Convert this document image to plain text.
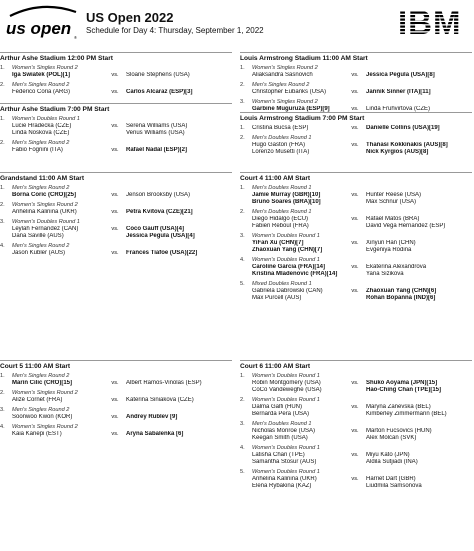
us open ®
US Open 2022
Schedule for Day 4: Thursday, September 1, 2022	IBM
Arthur Ashe Stadium 12:00 PM Start
1. Women's Singles Round 2
Iga Swiatek (POL)[1]	vs.	Sloane Stephens (USA)
2. Men's Singles Round 2
Federico Coria (ARG)	vs.	Carlos Alcaraz (ESP)[3]
Arthur Ashe Stadium 7:00 PM Start
1. Women's Doubles Round 1
Lucie Hradecka (CZE)	vs.	Serena Williams (USA)
Linda Noskova (CZE)	Venus Williams (USA)
2. Men's Singles Round 2
Fabio Fognini (ITA)	vs.	Rafael Nadal (ESP)[2]
Grandstand 11:00 AM Start
1. Men's Singles Round 2
Borna Coric (CRO)[25]	vs.	Jenson Brooksby (USA)
2. Women's Singles Round 2
Anhelina Kalinina (UKR)	vs.	Petra Kvitova (CZE)[21]
3. Women's Doubles Round 1
Leylah Fernandez (CAN)	vs.	Coco Gauff (USA)[4]
Dana Saville (AUS)	Jessica Pegula (USA)[4]
4. Men's Singles Round 2
Jason Kubler (AUS)	vs.	Frances Tiafoe (USA)[22]
Court 5 11:00 AM Start
1. Men's Singles Round 2
Marin Cilic (CRO)[15]	vs.	Albert Ramos-Vinolas (ESP)
2. Women's Singles Round 2
Alizé Cornet (FRA)	vs.	Katerina Siniakova (CZE)
3. Men's Singles Round 2
Soonwoo Kwon (KOR)	vs.	Andrey Rublev [9]
4. Women's Singles Round 2
Kaia Kanepi (EST)	vs.	Aryna Sabalenka [6]
Louis Armstrong Stadium 11:00 AM Start
1. Women's Singles Round 2
Aliaksandra Sasnovich	vs.	Jessica Pegula (USA)[8]
2. Men's Singles Round 2
Christopher Eubanks (USA)	vs.	Jannik Sinner (ITA)[11]
3. Women's Singles Round 2
Garbine Muguruza (ESP)[9]	vs.	Linda Fruhvirtova (CZE)
Louis Armstrong Stadium 7:00 PM Start
1.	Cristina Bucsa (ESP)	vs.	Danielle Collins (USA)[19]
2. Men's Doubles Round 1
Hugo Gaston (FRA)	vs.	Thanasi Kokkinakis (AUS)[8]
Lorenzo Musetti (ITA)	Nick Kyrgios (AUS)[8]
Court 4 11:00 AM Start
1. Men's Doubles Round 1
Jamie Murray (GBR)[10]	vs.	Hunter Reese (USA)
Bruno Soares (BRA)[10]	Max Schnur (USA)
2. Men's Doubles Round 1
Diego Hidalgo (ECU)	vs.	Rafael Matos (BRA)
Fabien Reboul (FRA)	David Vega Hernandez (ESP)
3. Women's Doubles Round 1
YiFan Xu (CHN)[7]	vs.	Xinyun Han (CHN)
Zhaoxuan Yang (CHN)[7]	Evgeniya Rodina
4. Women's Doubles Round 1
Caroline Garcia (FRA)[14]	vs.	Ekaterina Alexandrova
Kristina Mladenovic (FRA)[14]	Yana Sizikova
5. Mixed Doubles Round 1
Gabriela Dabrowski (CAN)	vs.	Zhaoxuan Yang (CHN)[6]
Max Purcell (AUS)	Rohan Bopanna (IND)[6]
Court 6 11:00 AM Start
1. Women's Doubles Round 1
Robin Montgomery (USA)	vs.	Shuko Aoyama (JPN)[15]
CoCo Vandeweghe (USA)	Hao-Ching Chan (TPE)[15]
2. Women's Doubles Round 1
Dalma Galfi (HUN)	vs.	Maryna Zanevska (BEL)
Bernarda Pera (USA)	Kimberley Zimmermann (BEL)
3. Men's Doubles Round 1
Nicholas Monroe (USA)	vs.	Marton Fucsovics (HUN)
Keegan Smith (USA)	Alex Molcan (SVK)
4. Women's Doubles Round 1
Latisha Chan (TPE)	vs.	Miyu Kato (JPN)
Samantha Stosur (AUS)	Aldila Sutjiadi (INA)
5. Women's Doubles Round 1
Anhelina Kalinina (UKR)	vs.	Harriet Dart (GBR)
Elena Rybakina (KAZ)	Liudmila Samsonova
